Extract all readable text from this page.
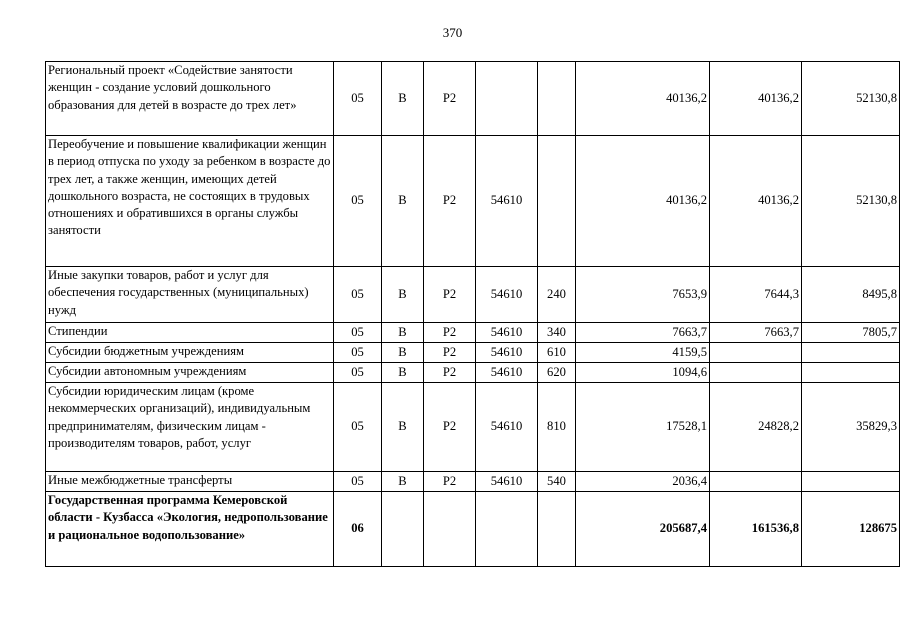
370
Региональный проект «Содействие занятости женщин - создание условий дошкольного образования для детей в возрасте до трех лет»	05	В	Р2			40136,2	40136,2	52130,8
Переобучение и повышение квалификации женщин в период отпуска по уходу за ребенком в возрасте до трех лет, а также женщин, имеющих детей дошкольного возраста, не состоящих в трудовых отношениях и обратившихся в органы службы занятости	05	В	Р2	54610		40136,2	40136,2	52130,8
Иные закупки товаров, работ и услуг для обеспечения государственных (муниципальных) нужд	05	В	Р2	54610	240	7653,9	7644,3	8495,8
Стипендии	05	В	Р2	54610	340	7663,7	7663,7	7805,7
Субсидии бюджетным учреждениям	05	В	Р2	54610	610	4159,5		
Субсидии автономным учреждениям	05	В	Р2	54610	620	1094,6		
Субсидии юридическим лицам (кроме некоммерческих организаций), индивидуальным предпринимателям, физическим лицам - производителям товаров, работ, услуг	05	В	Р2	54610	810	17528,1	24828,2	35829,3
Иные межбюджетные трансферты	05	В	Р2	54610	540	2036,4		
Государственная программа Кемеровской области - Кузбасса «Экология, недропользование и рациональное водопользование»	06					205687,4	161536,8	128675
